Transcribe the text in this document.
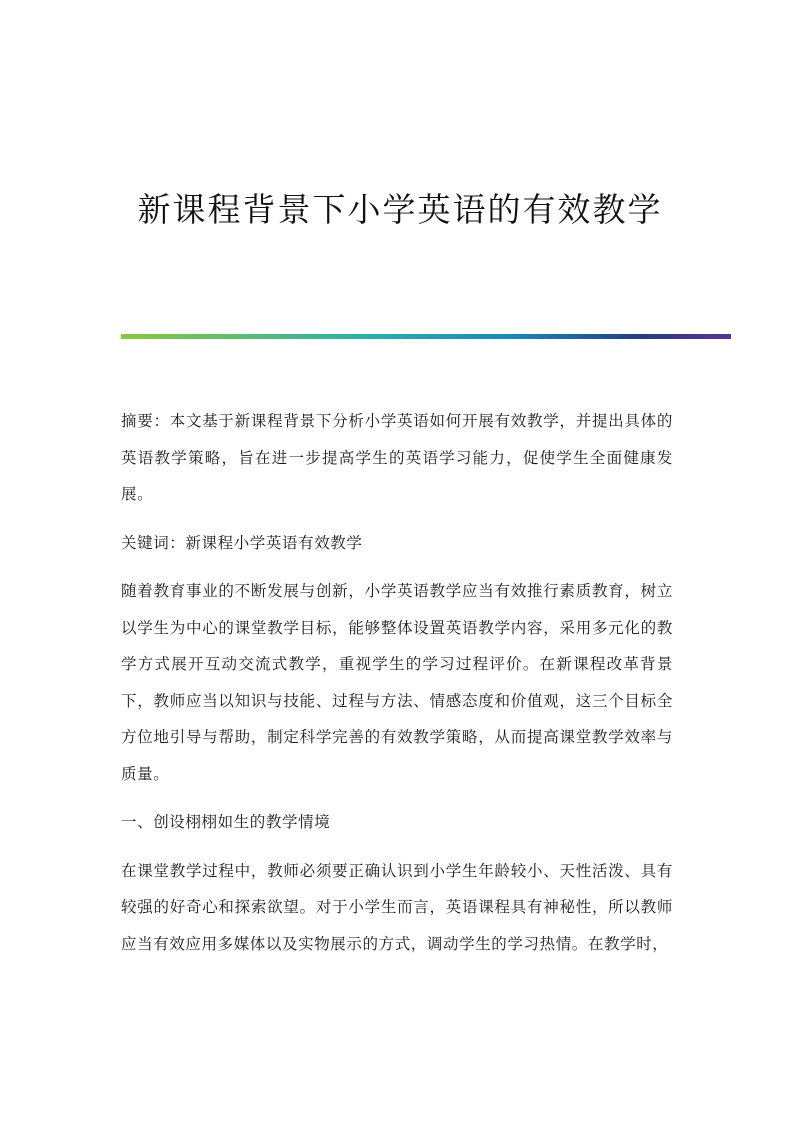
新课程背景下小学英语的有效教学

摘要：本文基于新课程背景下分析小学英语如何开展有效教学，并提出具体的英语教学策略，旨在进一步提高学生的英语学习能力，促使学生全面健康发展。

关键词：新课程小学英语有效教学

随着教育事业的不断发展与创新，小学英语教学应当有效推行素质教育，树立以学生为中心的课堂教学目标，能够整体设置英语教学内容，采用多元化的教学方式展开互动交流式教学，重视学生的学习过程评价。在新课程改革背景下，教师应当以知识与技能、过程与方法、情感态度和价值观，这三个目标全方位地引导与帮助，制定科学完善的有效教学策略，从而提高课堂教学效率与质量。

一、创设栩栩如生的教学情境

在课堂教学过程中，教师必须要正确认识到小学生年龄较小、天性活泼、具有较强的好奇心和探索欲望。对于小学生而言，英语课程具有神秘性，所以教师应当有效应用多媒体以及实物展示的方式，调动学生的学习热情。在教学时，
